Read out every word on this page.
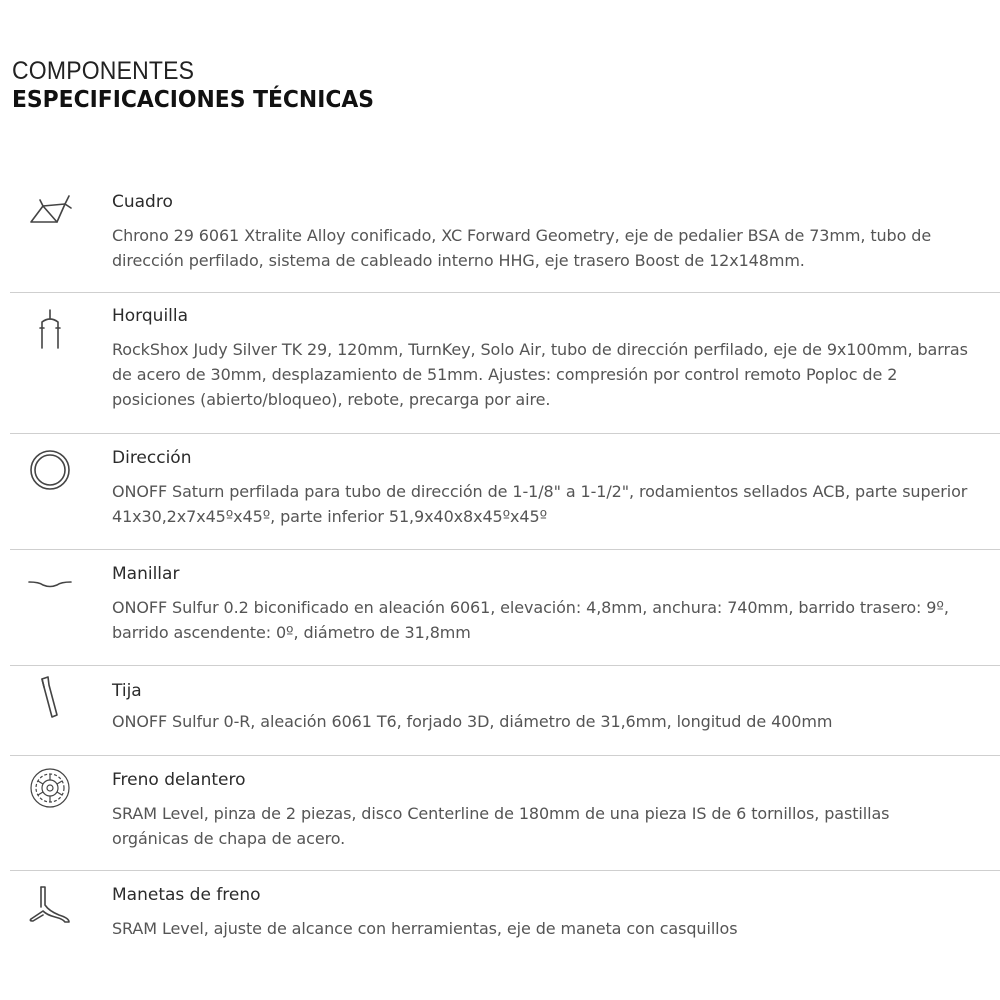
COMPONENTES
ESPECIFICACIONES TÉCNICAS
Cuadro
Chrono 29 6061 Xtralite Alloy conificado, XC Forward Geometry, eje de pedalier BSA de 73mm, tubo de dirección perfilado, sistema de cableado interno HHG, eje trasero Boost de 12x148mm.
Horquilla
RockShox Judy Silver TK 29, 120mm, TurnKey, Solo Air, tubo de dirección perfilado, eje de 9x100mm, barras de acero de 30mm, desplazamiento de 51mm. Ajustes: compresión por control remoto Poploc de 2 posiciones (abierto/bloqueo), rebote, precarga por aire.
Dirección
ONOFF Saturn perfilada para tubo de dirección de 1-1/8" a 1-1/2", rodamientos sellados ACB, parte superior 41x30,2x7x45ºx45º, parte inferior 51,9x40x8x45ºx45º
Manillar
ONOFF Sulfur 0.2 biconificado en aleación 6061, elevación: 4,8mm, anchura: 740mm, barrido trasero: 9º, barrido ascendente: 0º, diámetro de 31,8mm
Tija
ONOFF Sulfur 0-R, aleación 6061 T6, forjado 3D, diámetro de 31,6mm, longitud de 400mm
Freno delantero
SRAM Level, pinza de 2 piezas, disco Centerline de 180mm de una pieza IS de 6 tornillos, pastillas orgánicas de chapa de acero.
Manetas de freno
SRAM Level, ajuste de alcance con herramientas, eje de maneta con casquillos
